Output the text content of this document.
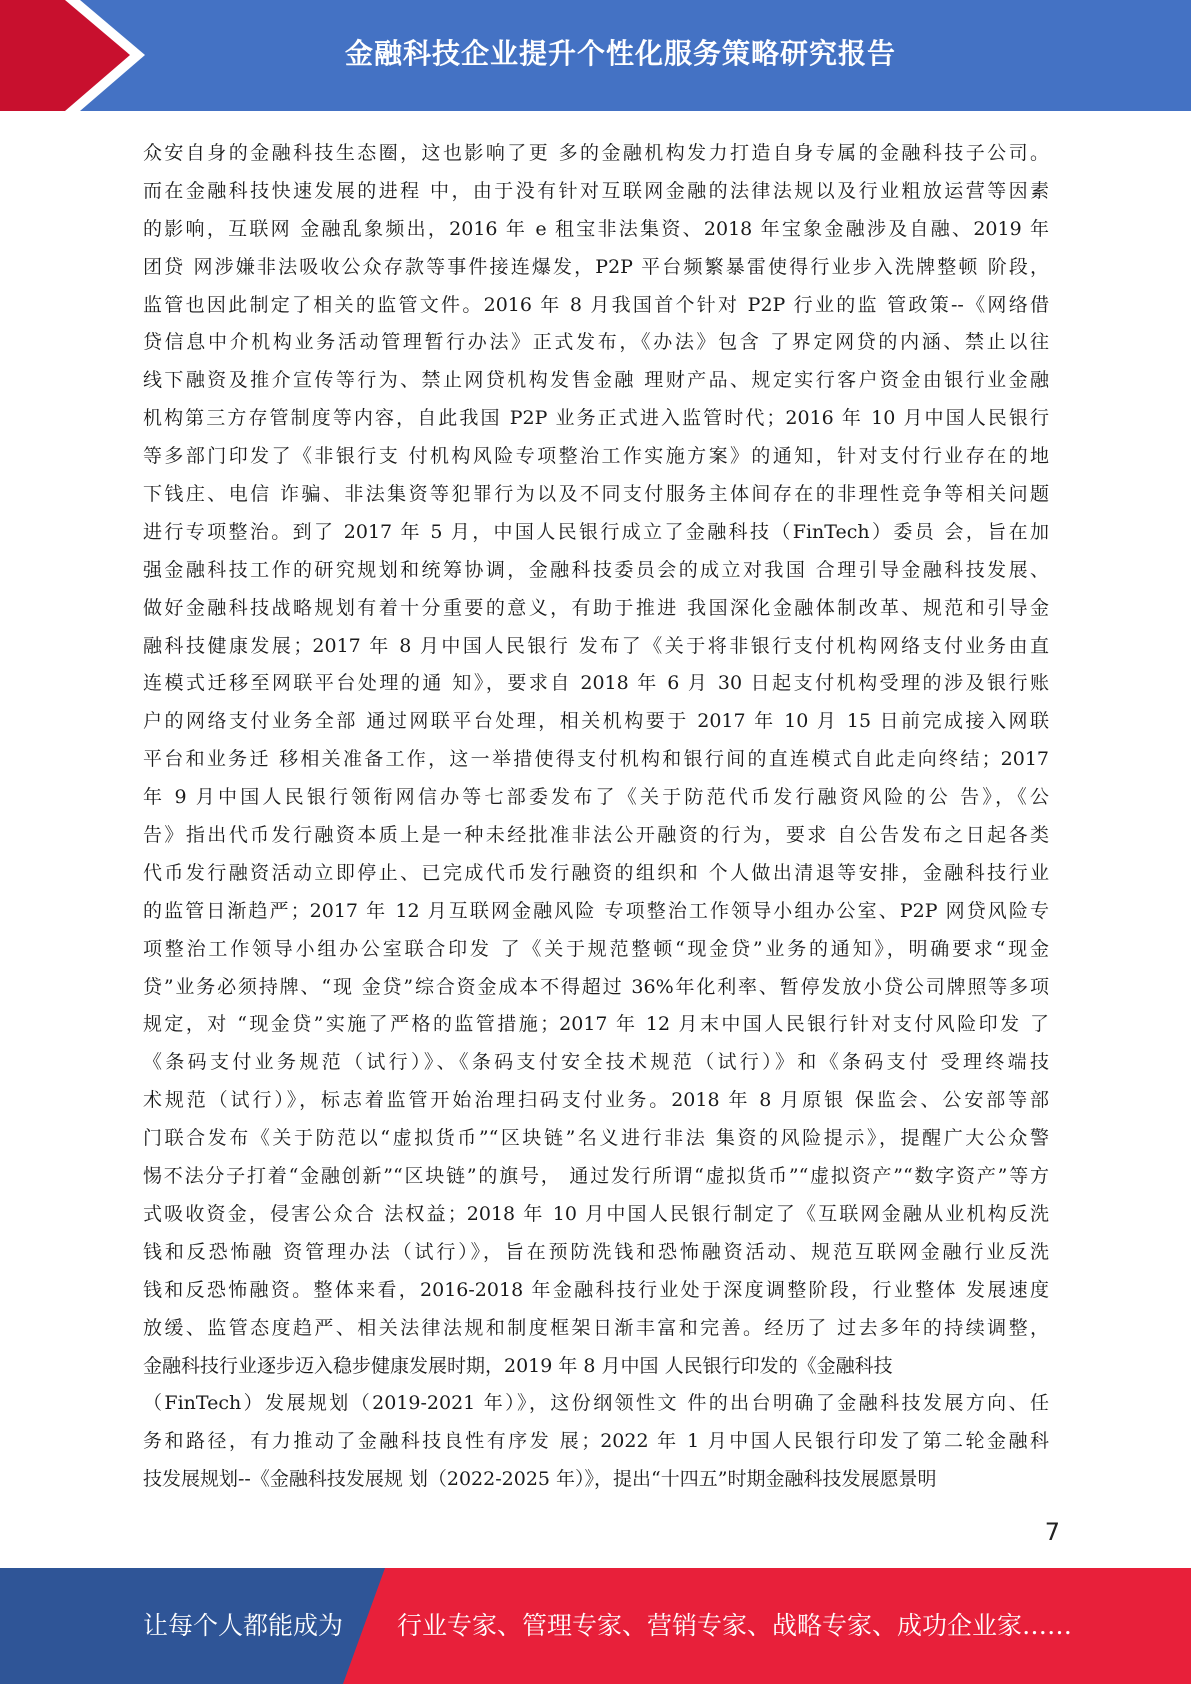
金融科技企业提升个性化服务策略研究报告
众安自身的金融科技生态圈，这也影响了更 多的金融机构发力打造自身专属的金融科技子公司。
而在金融科技快速发展的进程 中，由于没有针对互联网金融的法律法规以及行业粗放运营等因素
的影响，互联网 金融乱象频出，2016 年 e 租宝非法集资、2018 年宝象金融涉及自融、2019 年
团贷 网涉嫌非法吸收公众存款等事件接连爆发，P2P 平台频繁暴雷使得行业步入洗牌整顿 阶段，
监管也因此制定了相关的监管文件。2016 年 8 月我国首个针对 P2P 行业的监 管政策--《网络借
贷信息中介机构业务活动管理暂行办法》正式发布，《办法》包含 了界定网贷的内涵、禁止以往
线下融资及推介宣传等行为、禁止网贷机构发售金融 理财产品、规定实行客户资金由银行业金融
机构第三方存管制度等内容，自此我国 P2P 业务正式进入监管时代；2016 年 10 月中国人民银行
等多部门印发了《非银行支 付机构风险专项整治工作实施方案》的通知，针对支付行业存在的地
下钱庄、电信 诈骗、非法集资等犯罪行为以及不同支付服务主体间存在的非理性竞争等相关问题
进行专项整治。到了 2017 年 5 月，中国人民银行成立了金融科技（FinTech）委员 会，旨在加
强金融科技工作的研究规划和统筹协调，金融科技委员会的成立对我国 合理引导金融科技发展、
做好金融科技战略规划有着十分重要的意义，有助于推进 我国深化金融体制改革、规范和引导金
融科技健康发展；2017 年 8 月中国人民银行 发布了《关于将非银行支付机构网络支付业务由直
连模式迁移至网联平台处理的通 知》，要求自 2018 年 6 月 30 日起支付机构受理的涉及银行账
户的网络支付业务全部 通过网联平台处理，相关机构要于 2017 年 10 月 15 日前完成接入网联
平台和业务迁 移相关准备工作，这一举措使得支付机构和银行间的直连模式自此走向终结；2017
年 9 月中国人民银行领衔网信办等七部委发布了《关于防范代币发行融资风险的公 告》，《公
告》指出代币发行融资本质上是一种未经批准非法公开融资的行为，要求 自公告发布之日起各类
代币发行融资活动立即停止、已完成代币发行融资的组织和 个人做出清退等安排，金融科技行业
的监管日渐趋严；2017 年 12 月互联网金融风险 专项整治工作领导小组办公室、P2P 网贷风险专
项整治工作领导小组办公室联合印发 了《关于规范整顿“现金贷”业务的通知》，明确要求“现金
贷”业务必须持牌、“现 金贷”综合资金成本不得超过 36%年化利率、暂停发放小贷公司牌照等多项
规定，对 “现金贷”实施了严格的监管措施；2017 年 12 月末中国人民银行针对支付风险印发 了
《条码支付业务规范（试行）》、《条码支付安全技术规范（试行）》和《条码支付 受理终端技
术规范（试行）》，标志着监管开始治理扫码支付业务。2018 年 8 月原银 保监会、公安部等部
门联合发布《关于防范以“虚拟货币”“区块链”名义进行非法 集资的风险提示》，提醒广大公众警
惕不法分子打着“金融创新”“区块链”的旗号， 通过发行所谓“虚拟货币”“虚拟资产”“数字资产”等方
式吸收资金，侵害公众合 法权益；2018 年 10 月中国人民银行制定了《互联网金融从业机构反洗
钱和反恐怖融 资管理办法（试行）》，旨在预防洗钱和恐怖融资活动、规范互联网金融行业反洗
钱和反恐怖融资。整体来看，2016-2018 年金融科技行业处于深度调整阶段，行业整体 发展速度
放缓、监管态度趋严、相关法律法规和制度框架日渐丰富和完善。经历了 过去多年的持续调整，
金融科技行业逐步迈入稳步健康发展时期，2019 年 8 月中国 人民银行印发的《金融科技
（FinTech）发展规划（2019-2021 年）》，这份纲领性文 件的出台明确了金融科技发展方向、任
务和路径，有力推动了金融科技良性有序发 展；2022 年 1 月中国人民银行印发了第二轮金融科
技发展规划--《金融科技发展规 划（2022-2025 年）》，提出“十四五”时期金融科技发展愿景明
7
让每个人都能成为 行业专家、管理专家、营销专家、战略专家、成功企业家……
